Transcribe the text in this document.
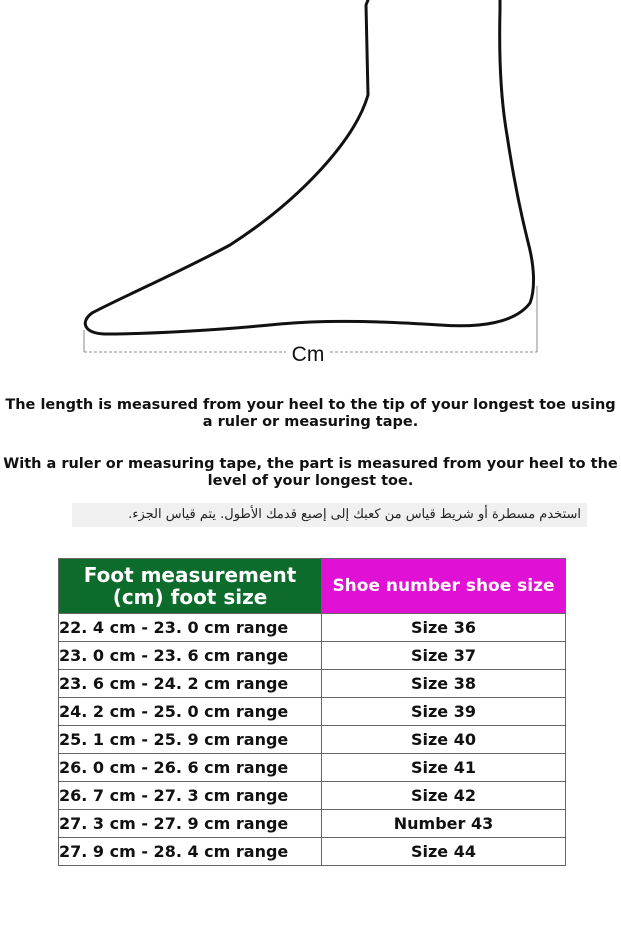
Cm

The length is measured from your heel to the tip of your longest toe using a ruler or measuring tape.

With a ruler or measuring tape, the part is measured from your heel to the level of your longest toe.

استخدم مسطرة أو شريط قياس من كعبك إلى إصبع قدمك الأطول. يتم قياس الجزء.
Foot measurement (cm) foot size	Shoe number shoe size
22. 4 cm - 23. 0 cm range	Size 36
23. 0 cm - 23. 6 cm range	Size 37
23. 6 cm - 24. 2 cm range	Size 38
24. 2 cm - 25. 0 cm range	Size 39
25. 1 cm - 25. 9 cm range	Size 40
26. 0 cm - 26. 6 cm range	Size 41
26. 7 cm - 27. 3 cm range	Size 42
27. 3 cm - 27. 9 cm range	Number 43
27. 9 cm - 28. 4 cm range	Size 44
